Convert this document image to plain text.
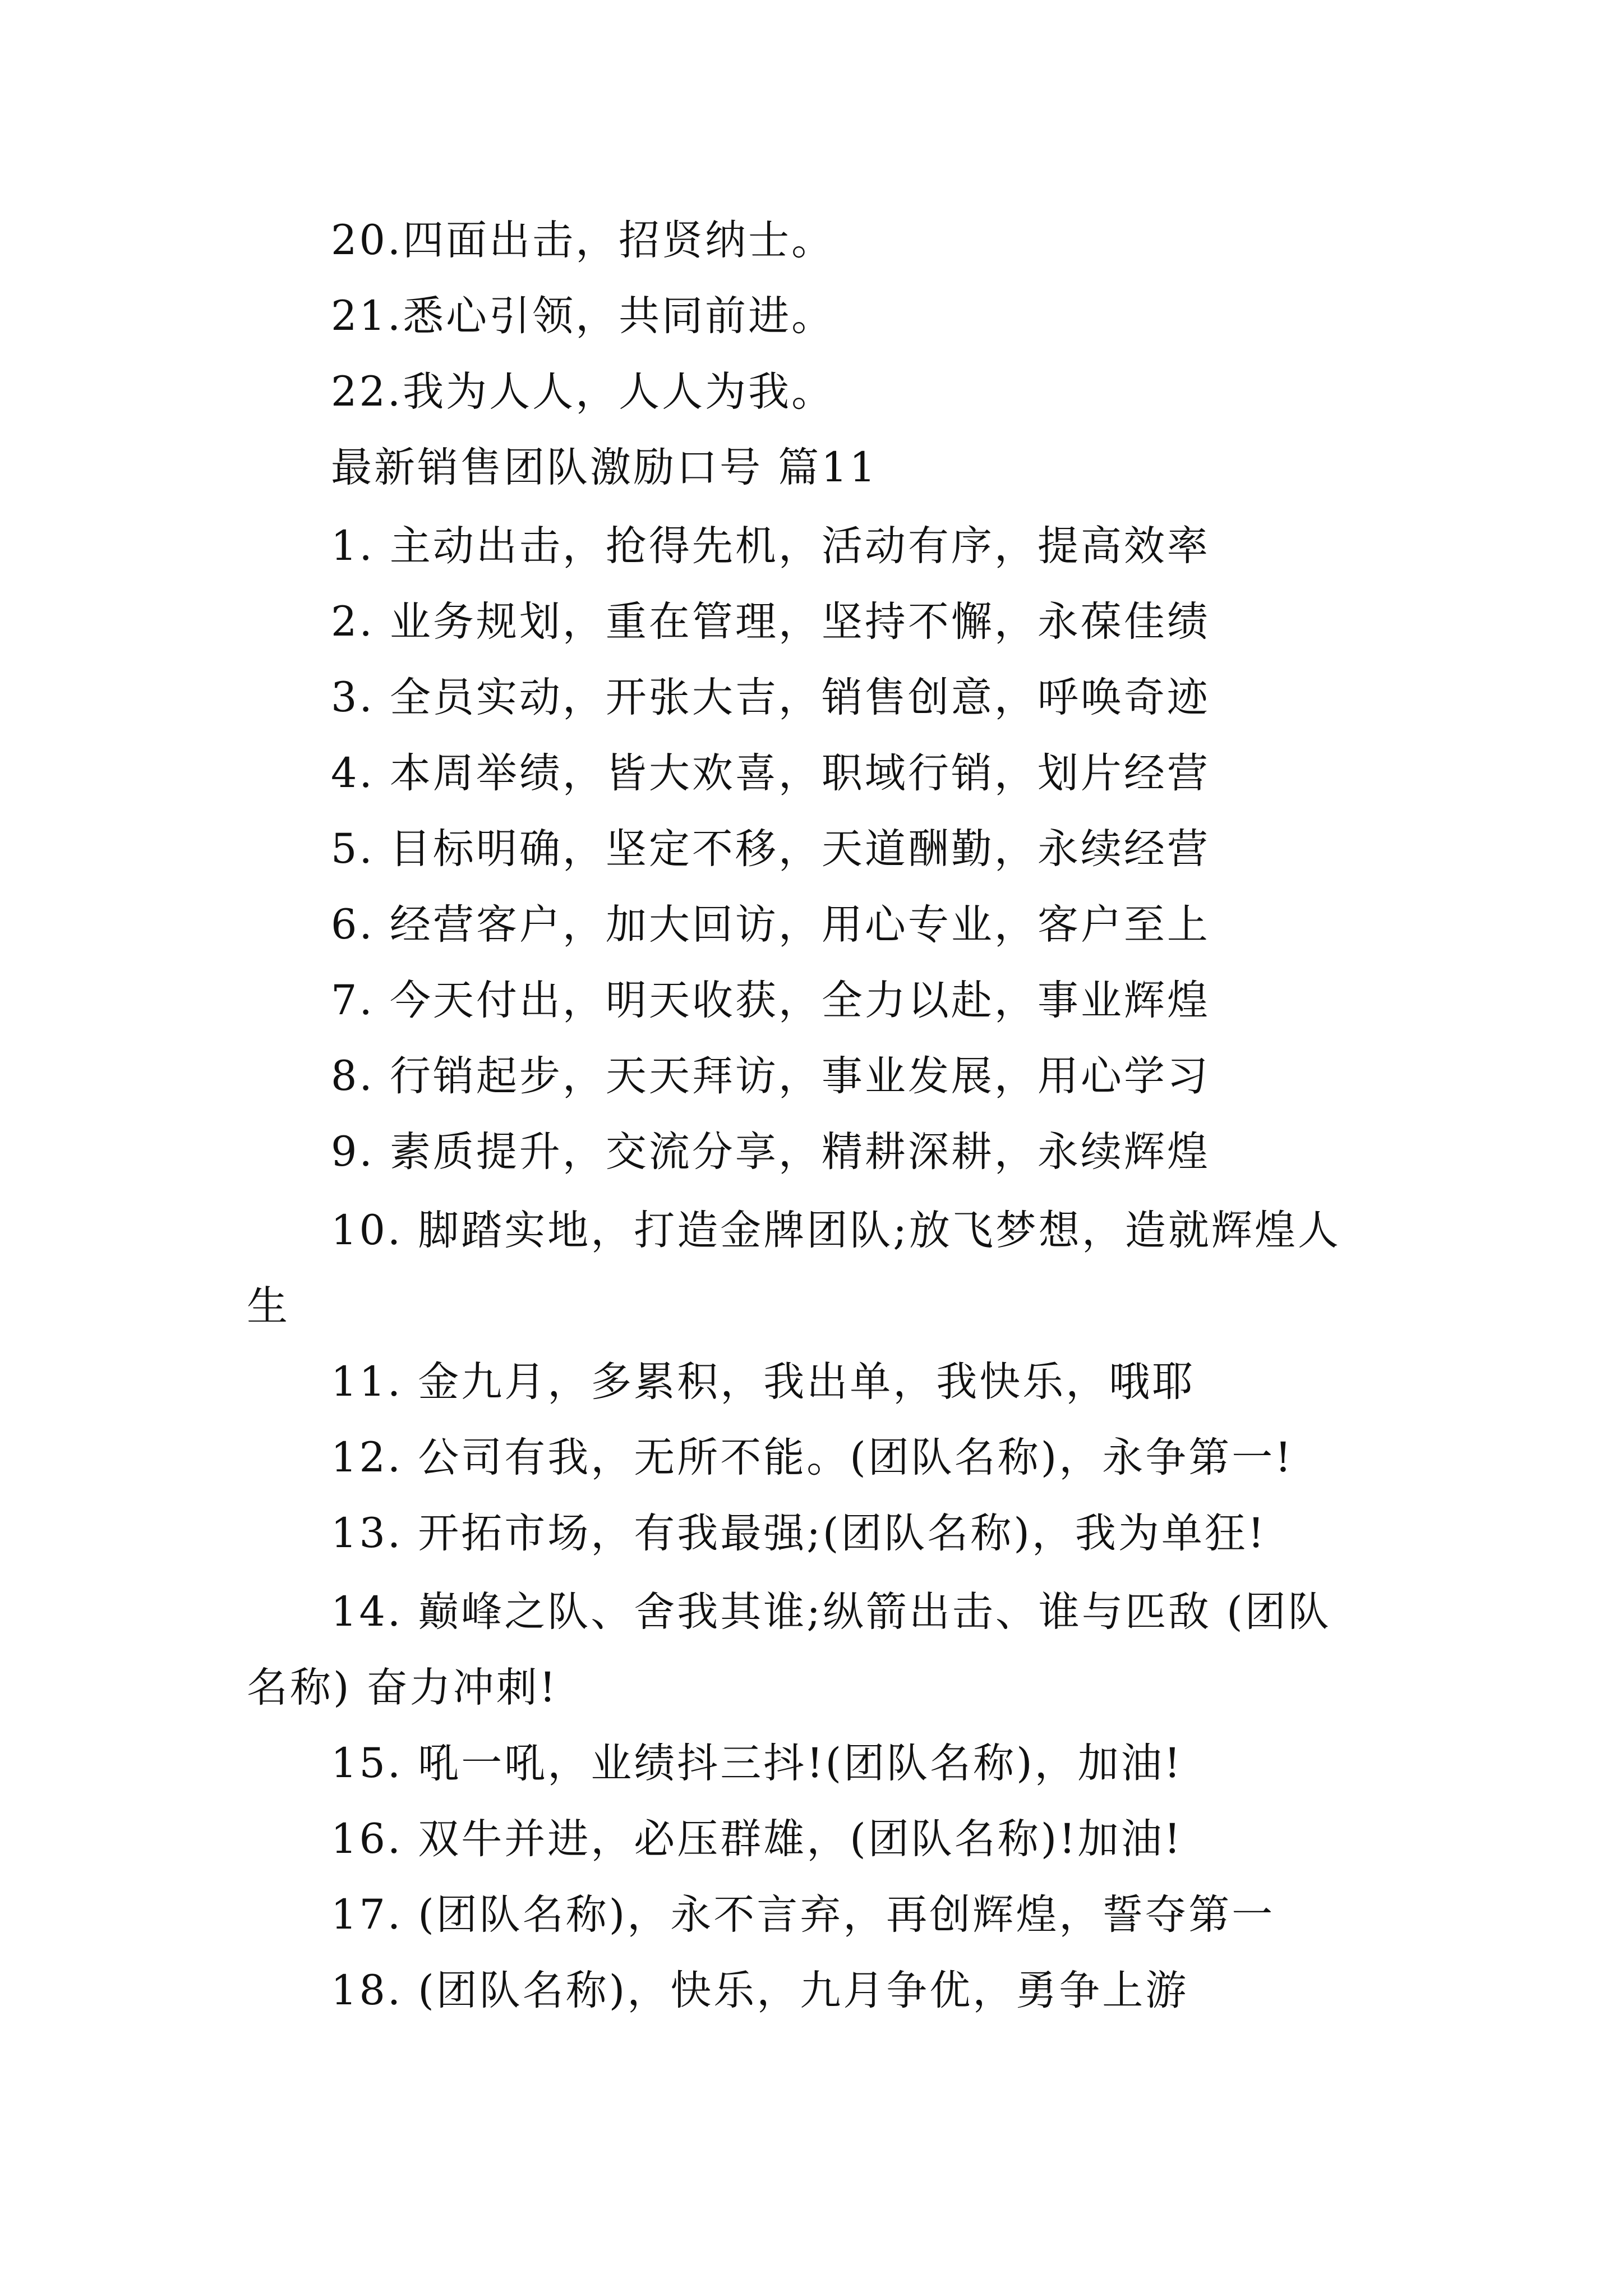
20.四面出击，招贤纳士。
21.悉心引领，共同前进。
22.我为人人，人人为我。
最新销售团队激励口号 篇11
1. 主动出击，抢得先机，活动有序，提高效率
2. 业务规划，重在管理，坚持不懈，永葆佳绩
3. 全员实动，开张大吉，销售创意，呼唤奇迹
4. 本周举绩，皆大欢喜，职域行销，划片经营
5. 目标明确，坚定不移，天道酬勤，永续经营
6. 经营客户，加大回访，用心专业，客户至上
7. 今天付出，明天收获，全力以赴，事业辉煌
8. 行销起步，天天拜访，事业发展，用心学习
9. 素质提升，交流分享，精耕深耕，永续辉煌
10. 脚踏实地，打造金牌团队;放飞梦想，造就辉煌人
生
11. 金九月，多累积，我出单，我快乐，哦耶
12. 公司有我，无所不能。(团队名称)，永争第一!
13. 开拓市场，有我最强;(团队名称)，我为单狂!
14. 巅峰之队、舍我其谁;纵箭出击、谁与匹敌 (团队
名称) 奋力冲刺!
15. 吼一吼，业绩抖三抖!(团队名称)，加油!
16. 双牛并进，必压群雄，(团队名称)!加油!
17. (团队名称)，永不言弃，再创辉煌，誓夺第一
18. (团队名称)，快乐，九月争优，勇争上游
